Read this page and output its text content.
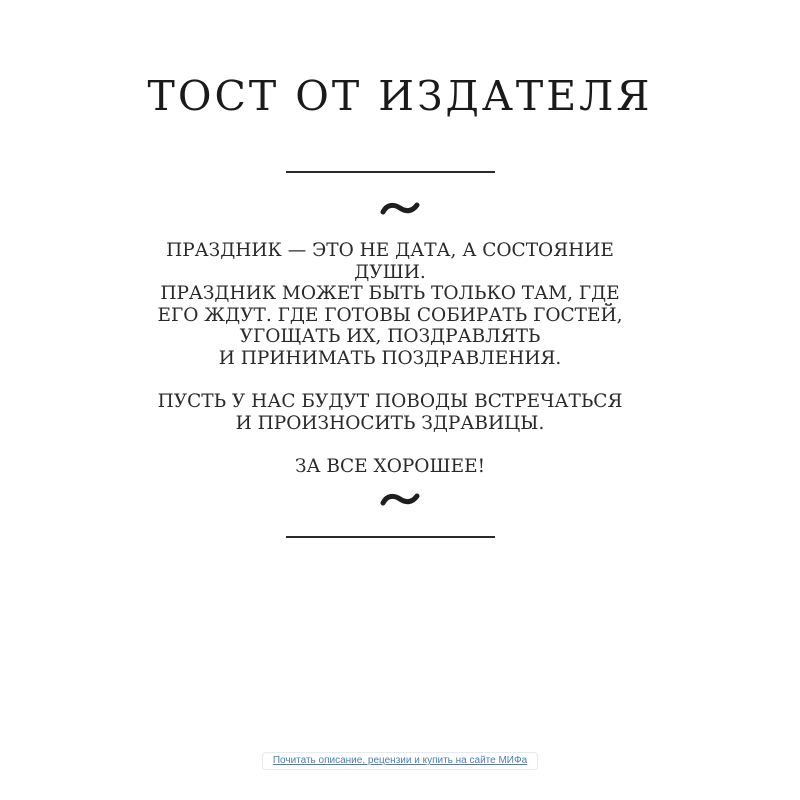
ТОСТ ОТ ИЗДАТЕЛЯ

ПРАЗДНИК — ЭТО НЕ ДАТА, А СОСТОЯНИЕ
ДУШИ.
ПРАЗДНИК МОЖЕТ БЫТЬ ТОЛЬКО ТАМ, ГДЕ
ЕГО ЖДУТ. ГДЕ ГОТОВЫ СОБИРАТЬ ГОСТЕЙ,
УГОЩАТЬ ИХ, ПОЗДРАВЛЯТЬ
И ПРИНИМАТЬ ПОЗДРАВЛЕНИЯ.

ПУСТЬ У НАС БУДУТ ПОВОДЫ ВСТРЕЧАТЬСЯ
И ПРОИЗНОСИТЬ ЗДРАВИЦЫ.

ЗА ВСЕ ХОРОШЕЕ!

Почитать описание, рецензии и купить на сайте МИФа
